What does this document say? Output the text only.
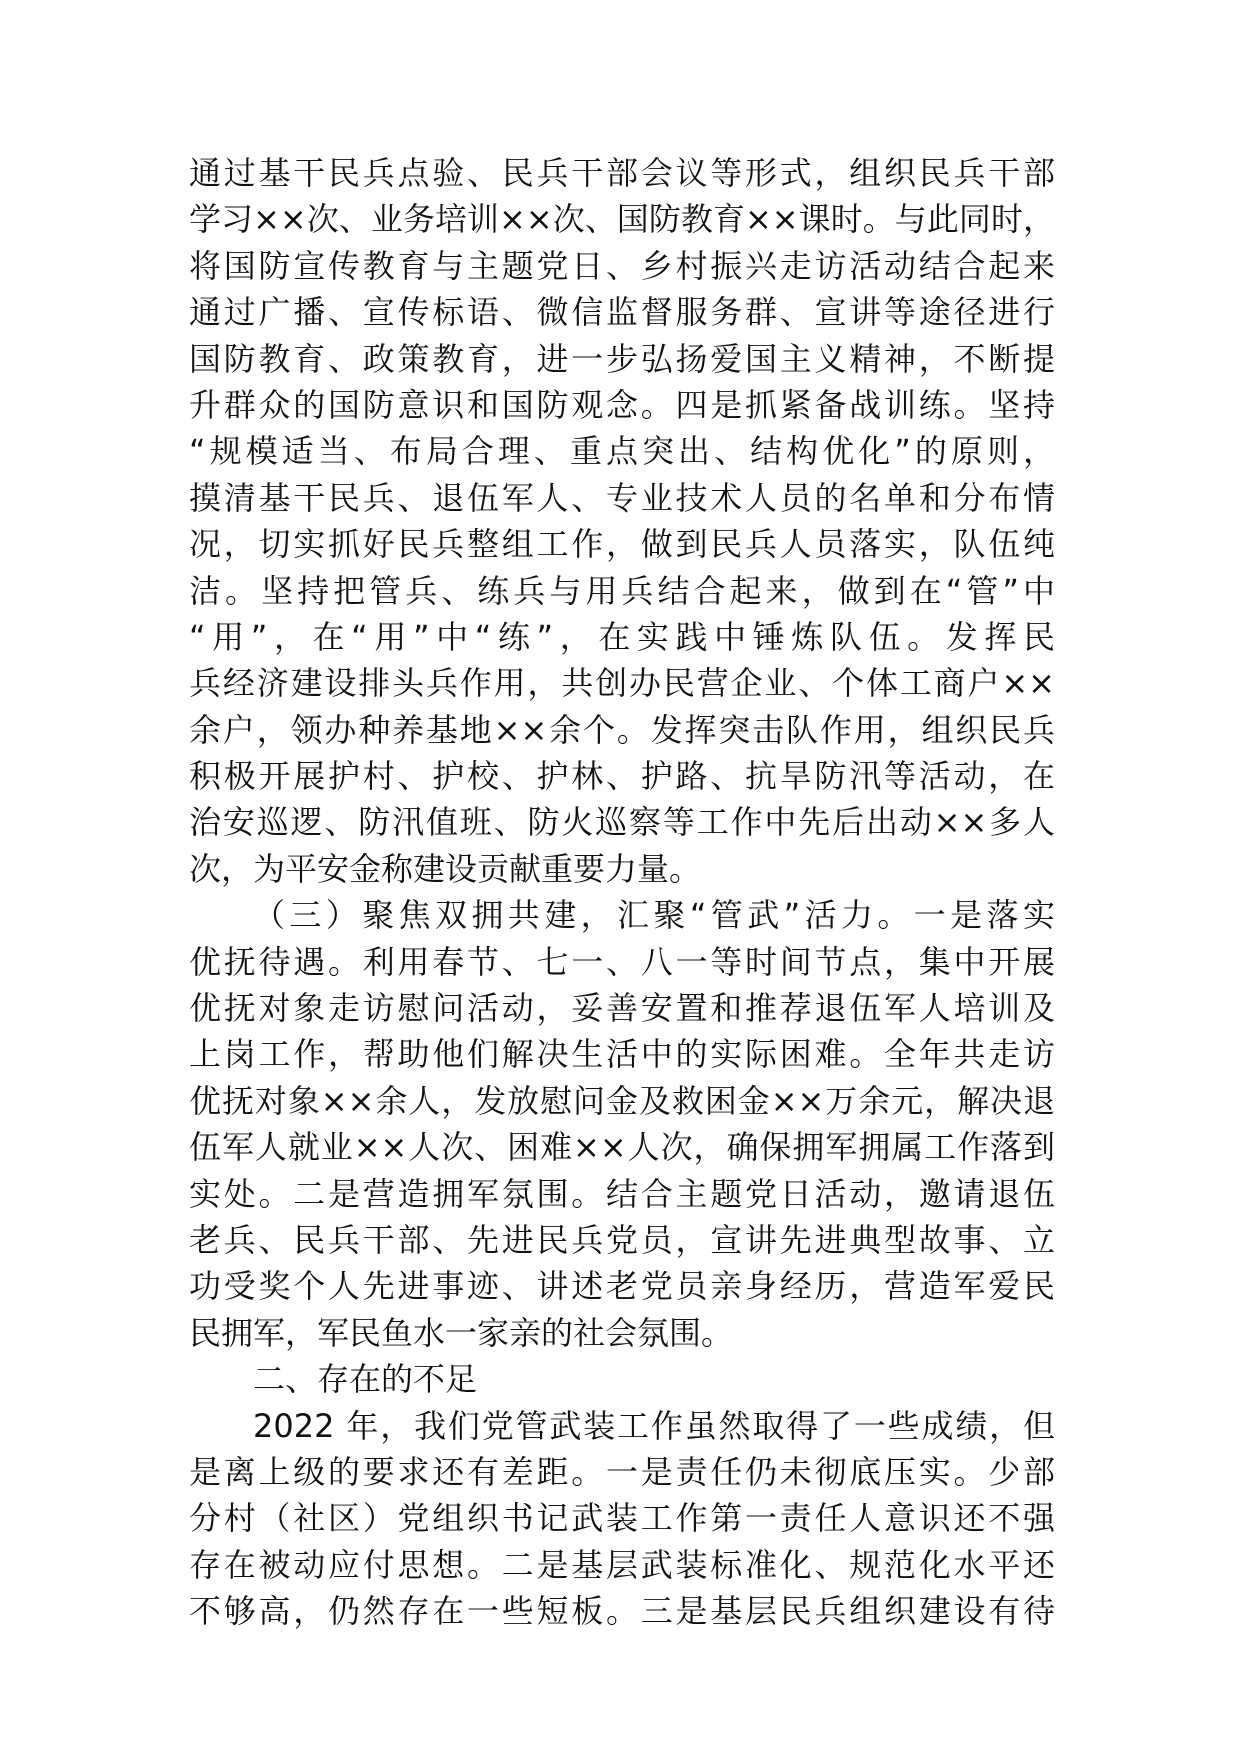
通过基干民兵点验、民兵干部会议等形式，组织民兵干部
学习××次、业务培训××次、国防教育××课时。与此同时，
将国防宣传教育与主题党日、乡村振兴走访活动结合起来
通过广播、宣传标语、微信监督服务群、宣讲等途径进行
国防教育、政策教育，进一步弘扬爱国主义精神，不断提
升群众的国防意识和国防观念。四是抓紧备战训练。坚持
“规模适当、布局合理、重点突出、结构优化”的原则，
摸清基干民兵、退伍军人、专业技术人员的名单和分布情
况，切实抓好民兵整组工作，做到民兵人员落实，队伍纯
洁。坚持把管兵、练兵与用兵结合起来，做到在“管”中
“用”，在“用”中“练”，在实践中锤炼队伍。发挥民
兵经济建设排头兵作用，共创办民营企业、个体工商户××
余户，领办种养基地××余个。发挥突击队作用，组织民兵
积极开展护村、护校、护林、护路、抗旱防汛等活动，在
治安巡逻、防汛值班、防火巡察等工作中先后出动××多人
次，为平安金称建设贡献重要力量。
（三）聚焦双拥共建，汇聚“管武”活力。一是落实
优抚待遇。利用春节、七一、八一等时间节点，集中开展
优抚对象走访慰问活动，妥善安置和推荐退伍军人培训及
上岗工作，帮助他们解决生活中的实际困难。全年共走访
优抚对象××余人，发放慰问金及救困金××万余元，解决退
伍军人就业××人次、困难××人次，确保拥军拥属工作落到
实处。二是营造拥军氛围。结合主题党日活动，邀请退伍
老兵、民兵干部、先进民兵党员，宣讲先进典型故事、立
功受奖个人先进事迹、讲述老党员亲身经历，营造军爱民
民拥军，军民鱼水一家亲的社会氛围。
二、存在的不足
2022 年，我们党管武装工作虽然取得了一些成绩，但
是离上级的要求还有差距。一是责任仍未彻底压实。少部
分村（社区）党组织书记武装工作第一责任人意识还不强
存在被动应付思想。二是基层武装标准化、规范化水平还
不够高，仍然存在一些短板。三是基层民兵组织建设有待
